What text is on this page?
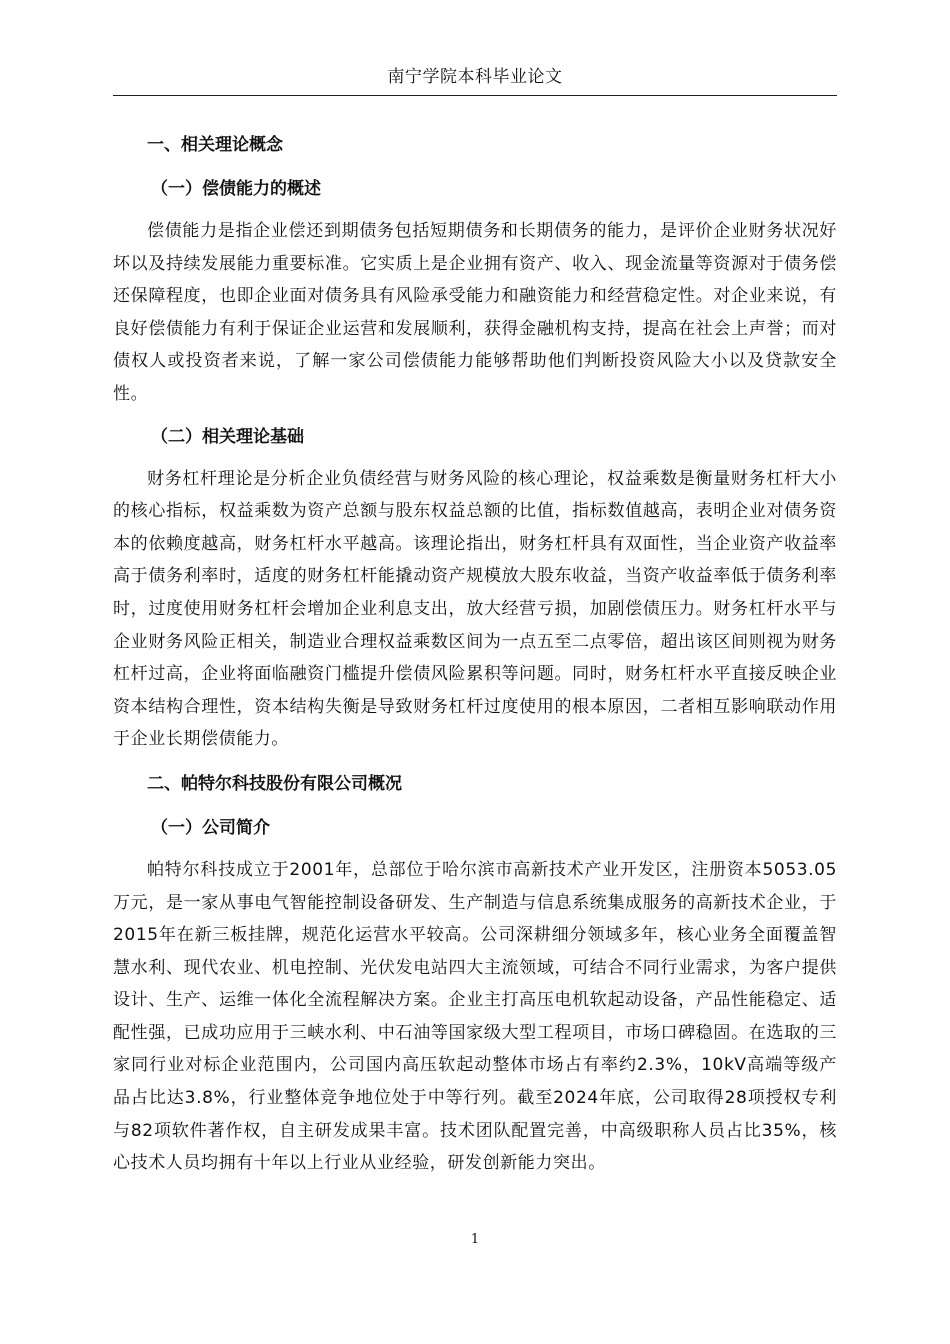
南宁学院本科毕业论文
一、相关理论概念
（一）偿债能力的概述

偿债能力是指企业偿还到期债务包括短期债务和长期债务的能力，是评价企业财务状况好坏以及持续发展能力重要标准。它实质上是企业拥有资产、收入、现金流量等资源对于债务偿还保障程度，也即企业面对债务具有风险承受能力和融资能力和经营稳定性。对企业来说，有良好偿债能力有利于保证企业运营和发展顺利，获得金融机构支持，提高在社会上声誉；而对债权人或投资者来说，了解一家公司偿债能力能够帮助他们判断投资风险大小以及贷款安全性。

（二）相关理论基础

财务杠杆理论是分析企业负债经营与财务风险的核心理论，权益乘数是衡量财务杠杆大小的核心指标，权益乘数为资产总额与股东权益总额的比值，指标数值越高，表明企业对债务资本的依赖度越高，财务杠杆水平越高。该理论指出，财务杠杆具有双面性，当企业资产收益率高于债务利率时，适度的财务杠杆能撬动资产规模放大股东收益，当资产收益率低于债务利率时，过度使用财务杠杆会增加企业利息支出，放大经营亏损，加剧偿债压力。财务杠杆水平与企业财务风险正相关，制造业合理权益乘数区间为一点五至二点零倍，超出该区间则视为财务杠杆过高，企业将面临融资门槛提升偿债风险累积等问题。同时，财务杠杆水平直接反映企业资本结构合理性，资本结构失衡是导致财务杠杆过度使用的根本原因，二者相互影响联动作用于企业长期偿债能力。

二、帕特尔科技股份有限公司概况
（一）公司简介

帕特尔科技成立于2001年，总部位于哈尔滨市高新技术产业开发区，注册资本5053.05万元，是一家从事电气智能控制设备研发、生产制造与信息系统集成服务的高新技术企业，于2015年在新三板挂牌，规范化运营水平较高。公司深耕细分领域多年，核心业务全面覆盖智慧水利、现代农业、机电控制、光伏发电站四大主流领域，可结合不同行业需求，为客户提供设计、生产、运维一体化全流程解决方案。企业主打高压电机软起动设备，产品性能稳定、适配性强，已成功应用于三峡水利、中石油等国家级大型工程项目，市场口碑稳固。在选取的三家同行业对标企业范围内，公司国内高压软起动整体市场占有率约2.3%，10kV高端等级产品占比达3.8%，行业整体竞争地位处于中等行列。截至2024年底，公司取得28项授权专利与82项软件著作权，自主研发成果丰富。技术团队配置完善，中高级职称人员占比35%，核心技术人员均拥有十年以上行业从业经验，研发创新能力突出。

1
